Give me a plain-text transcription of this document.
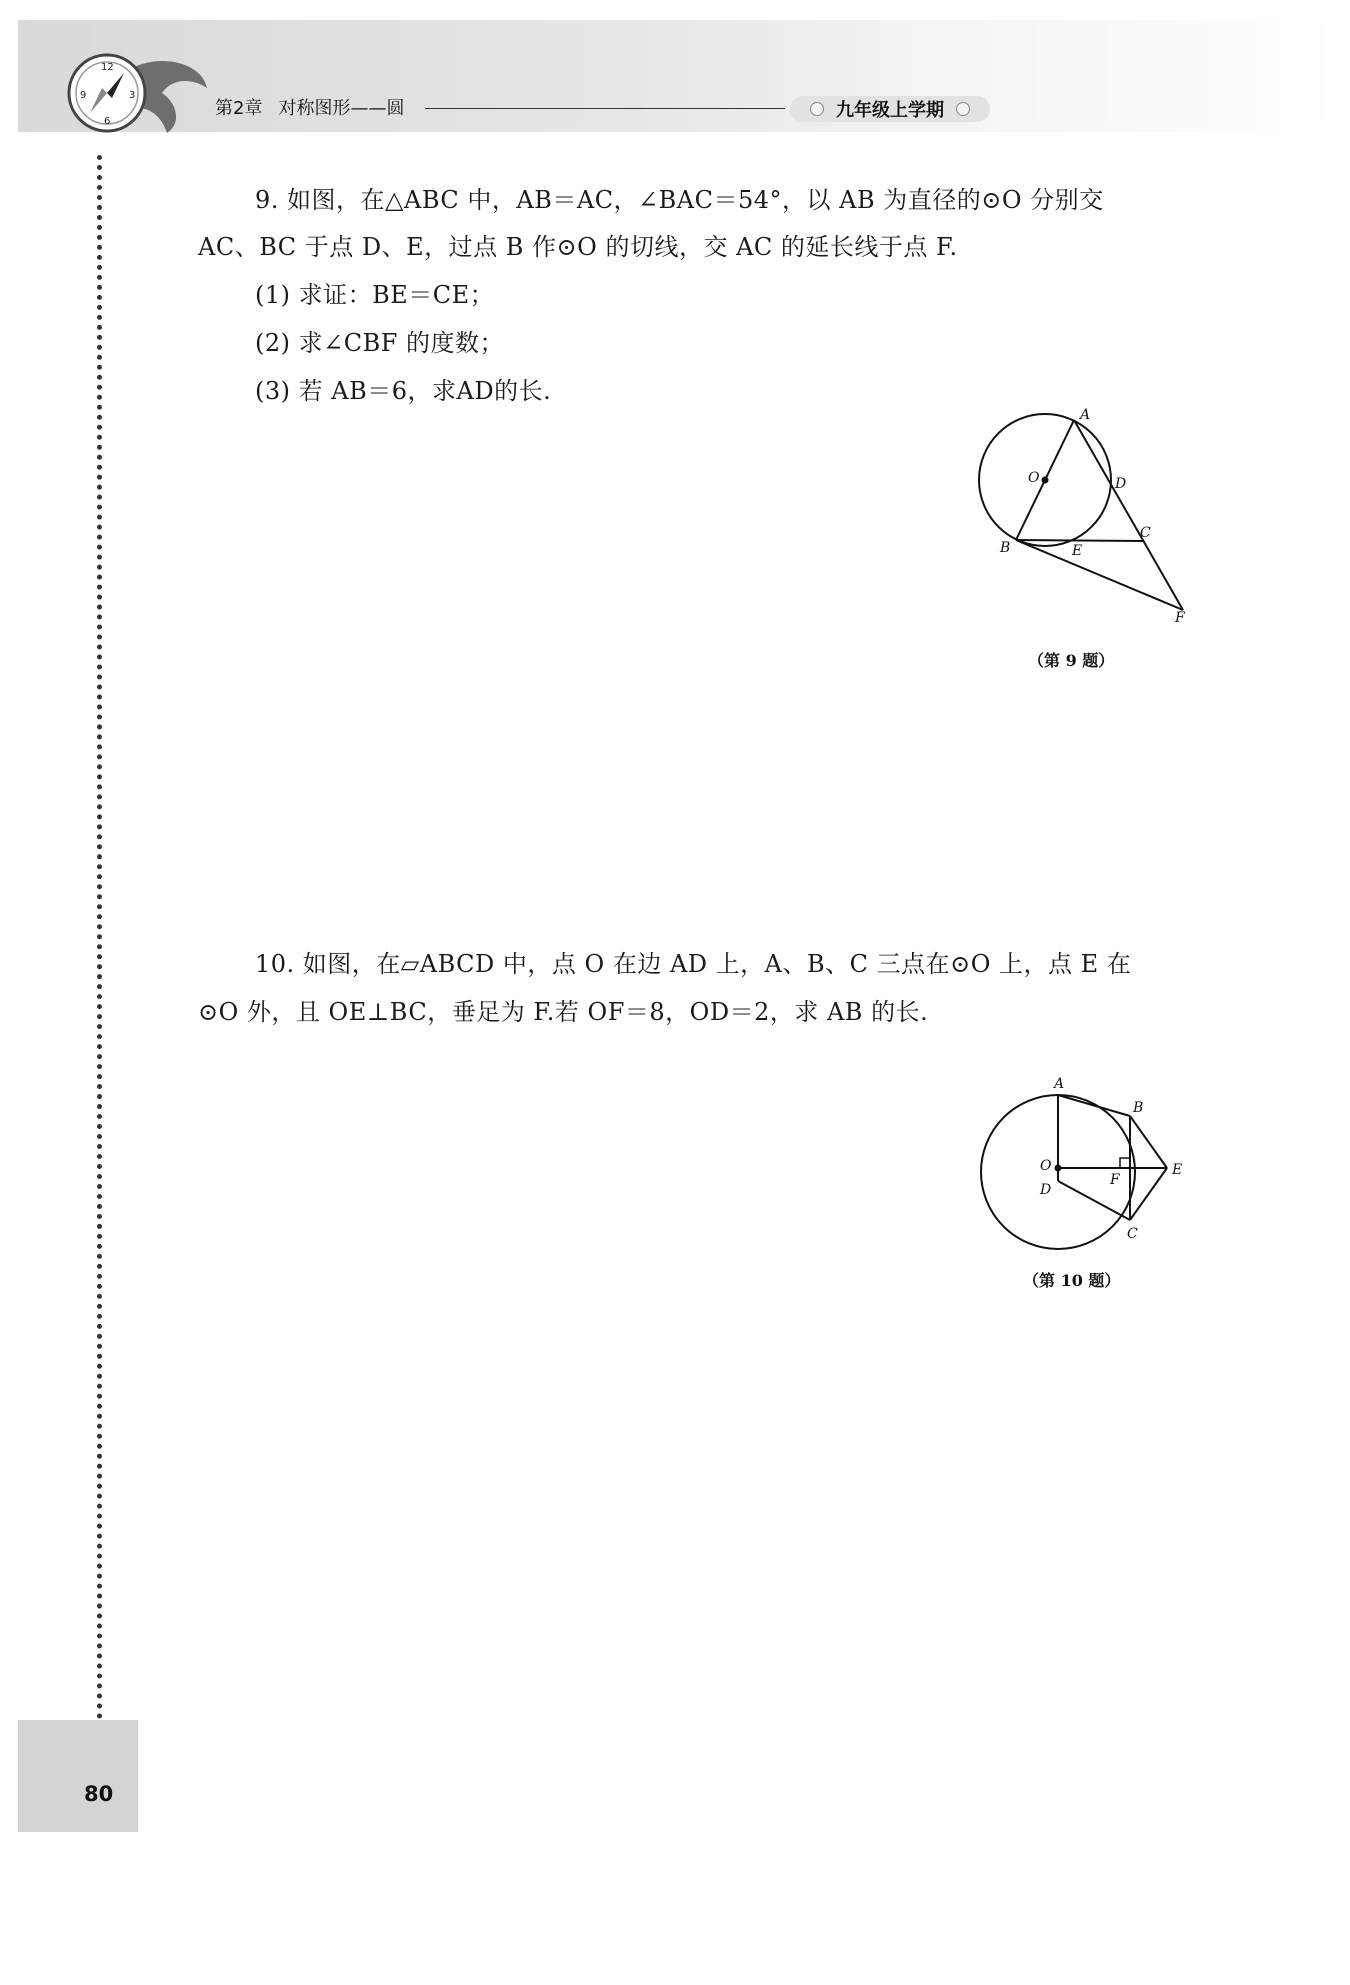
12
9	3
6
第2章 对称图形——圆	九年级上学期
9. 如图，在△ABC 中，AB＝AC，∠BAC＝54°，以 AB 为直径的⊙O 分别交
AC、BC 于点 D、E，过点 B 作⊙O 的切线，交 AC 的延长线于点 F.
(1) 求证：BE＝CE；
(2) 求∠CBF 的度数；
(3) 若 AB＝6，求AD的长.
A
O	D
B	E
C
F
（第 9 题）
10. 如图，在▱ABCD 中，点 O 在边 AD 上，A、B、C 三点在⊙O 上，点 E 在
⊙O 外，且 OE⊥BC，垂足为 F.若 OF＝8，OD＝2，求 AB 的长.
A
B
O
D
F
E
C
（第 10 题）
80
